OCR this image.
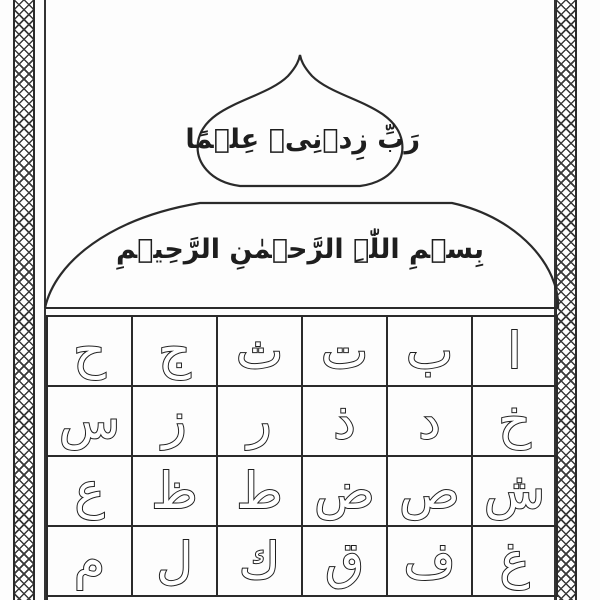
رَبِّ زِدۡنِیۡ عِلۡمًا
بِسۡمِ اللّٰہِ الرَّحۡمٰنِ الرَّحِیۡمِ
ح ج ث ت ب ا
س ز ر ذ د خ
ع ظ ط ض ص ش
م ل ك ق ف غ
